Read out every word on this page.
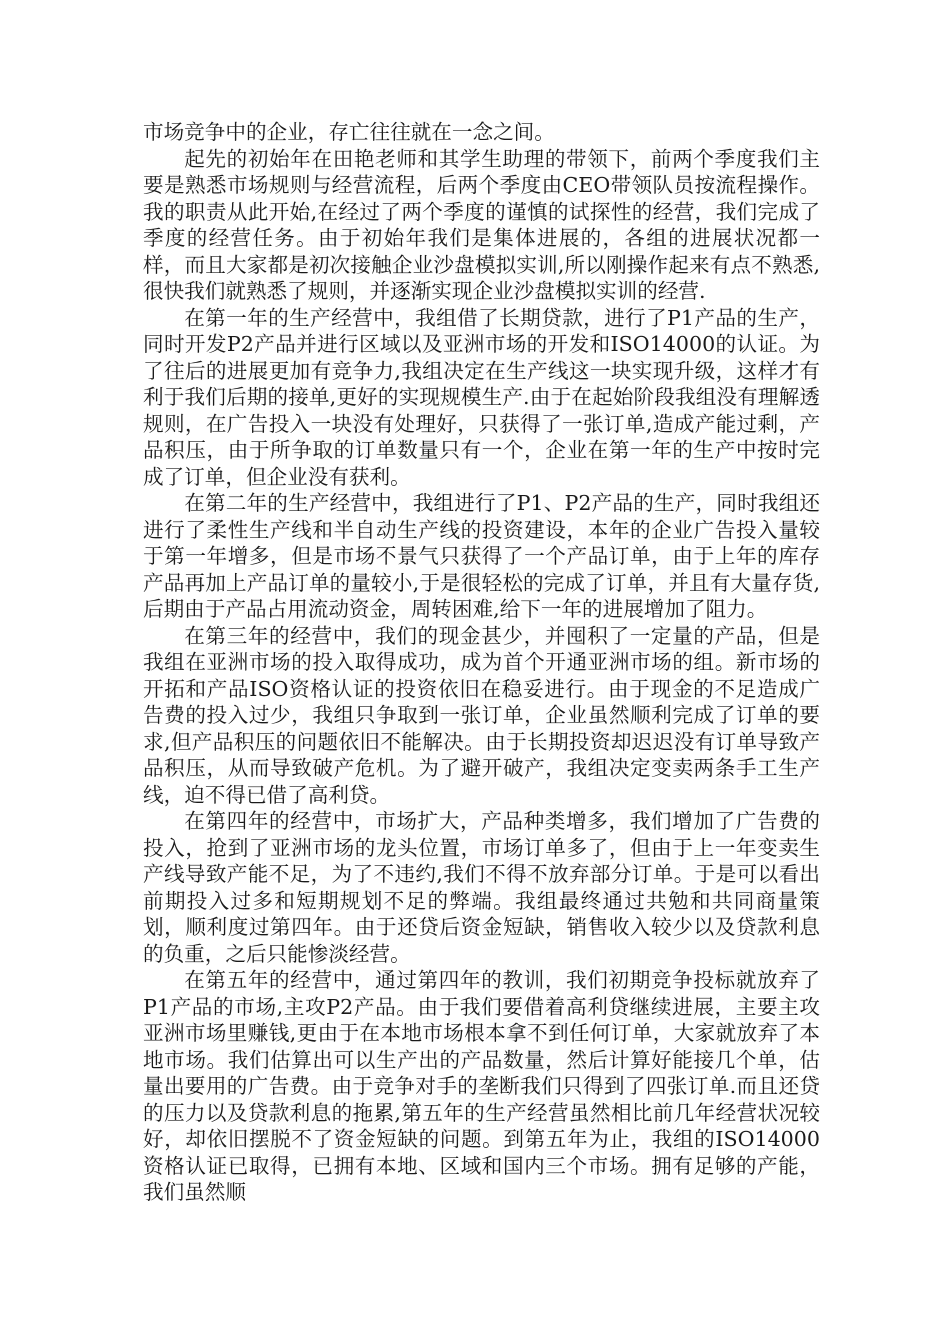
市场竞争中的企业，存亡往往就在一念之间。

起先的初始年在田艳老师和其学生助理的带领下，前两个季度我们主要是熟悉市场规则与经营流程，后两个季度由CEO带领队员按流程操作。我的职责从此开始,在经过了两个季度的谨慎的试探性的经营，我们完成了季度的经营任务。由于初始年我们是集体进展的，各组的进展状况都一样，而且大家都是初次接触企业沙盘模拟实训,所以刚操作起来有点不熟悉,很快我们就熟悉了规则，并逐渐实现企业沙盘模拟实训的经营.

在第一年的生产经营中，我组借了长期贷款，进行了P1产品的生产，同时开发P2产品并进行区域以及亚洲市场的开发和ISO14000的认证。为了往后的进展更加有竞争力,我组决定在生产线这一块实现升级，这样才有利于我们后期的接单,更好的实现规模生产.由于在起始阶段我组没有理解透规则，在广告投入一块没有处理好，只获得了一张订单,造成产能过剩，产品积压，由于所争取的订单数量只有一个，企业在第一年的生产中按时完成了订单，但企业没有获利。

在第二年的生产经营中，我组进行了P1、P2产品的生产，同时我组还进行了柔性生产线和半自动生产线的投资建设，本年的企业广告投入量较于第一年增多，但是市场不景气只获得了一个产品订单，由于上年的库存产品再加上产品订单的量较小,于是很轻松的完成了订单，并且有大量存货,后期由于产品占用流动资金，周转困难,给下一年的进展增加了阻力。

在第三年的经营中，我们的现金甚少，并囤积了一定量的产品，但是我组在亚洲市场的投入取得成功，成为首个开通亚洲市场的组。新市场的开拓和产品ISO资格认证的投资依旧在稳妥进行。由于现金的不足造成广告费的投入过少，我组只争取到一张订单，企业虽然顺利完成了订单的要求,但产品积压的问题依旧不能解决。由于长期投资却迟迟没有订单导致产品积压，从而导致破产危机。为了避开破产，我组决定变卖两条手工生产线，迫不得已借了高利贷。

在第四年的经营中，市场扩大，产品种类增多，我们增加了广告费的投入，抢到了亚洲市场的龙头位置，市场订单多了，但由于上一年变卖生产线导致产能不足，为了不违约,我们不得不放弃部分订单。于是可以看出前期投入过多和短期规划不足的弊端。我组最终通过共勉和共同商量策划，顺利度过第四年。由于还贷后资金短缺，销售收入较少以及贷款利息的负重，之后只能惨淡经营。

在第五年的经营中，通过第四年的教训，我们初期竞争投标就放弃了P1产品的市场,主攻P2产品。由于我们要借着高利贷继续进展，主要主攻亚洲市场里赚钱,更由于在本地市场根本拿不到任何订单，大家就放弃了本地市场。我们估算出可以生产出的产品数量，然后计算好能接几个单，估量出要用的广告费。由于竞争对手的垄断我们只得到了四张订单.而且还贷的压力以及贷款利息的拖累,第五年的生产经营虽然相比前几年经营状况较好，却依旧摆脱不了资金短缺的问题。到第五年为止，我组的ISO14000资格认证已取得，已拥有本地、区域和国内三个市场。拥有足够的产能，我们虽然顺
